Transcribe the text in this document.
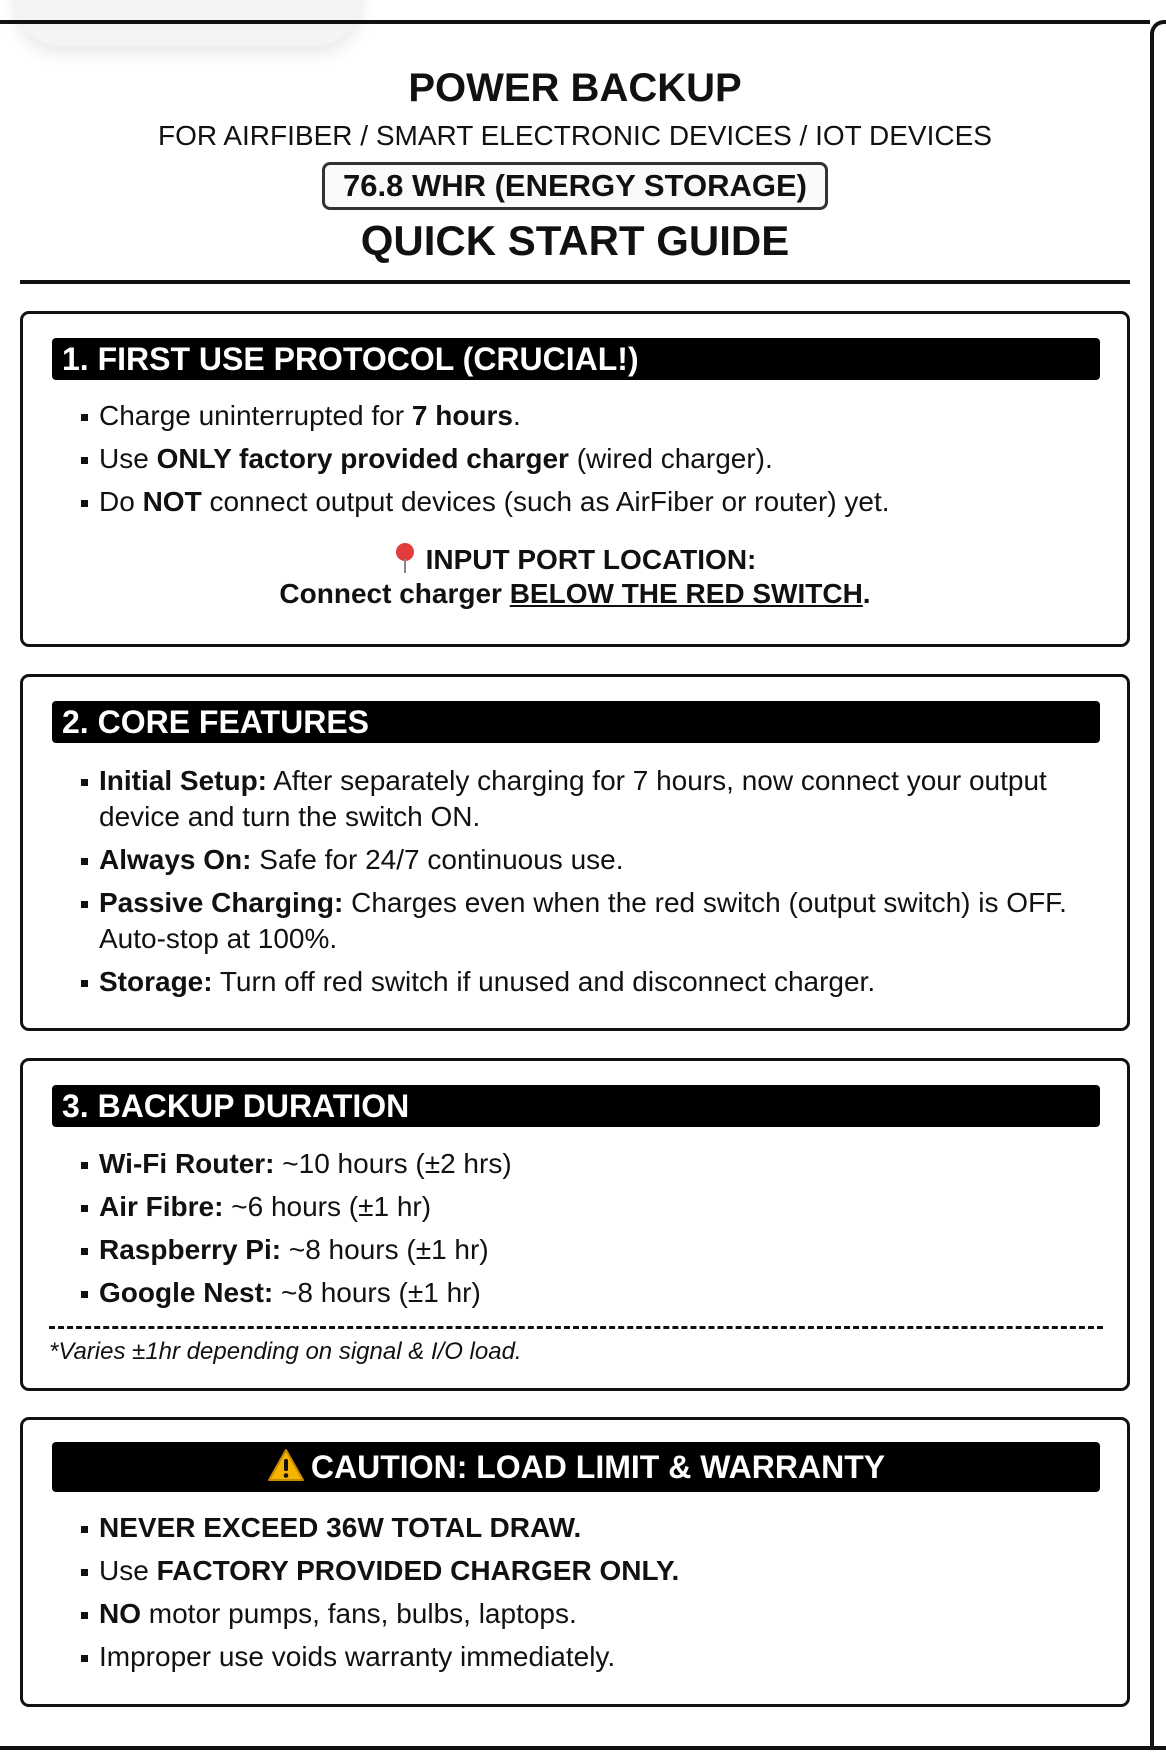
POWER BACKUP

FOR AIRFIBER / SMART ELECTRONIC DEVICES / IOT DEVICES

76.8 WHR (ENERGY STORAGE)
QUICK START GUIDE
1. FIRST USE PROTOCOL (CRUCIAL!)
Charge uninterrupted for 7 hours.
Use ONLY factory provided charger (wired charger).
Do NOT connect output devices (such as AirFiber or router) yet.
INPUT PORT LOCATION:
Connect charger BELOW THE RED SWITCH.
2. CORE FEATURES
Initial Setup: After separately charging for 7 hours, now connect your output device and turn the switch ON.
Always On: Safe for 24/7 continuous use.
Passive Charging: Charges even when the red switch (output switch) is OFF. Auto-stop at 100%.
Storage: Turn off red switch if unused and disconnect charger.
3. BACKUP DURATION
Wi-Fi Router: ~10 hours (±2 hrs)
Air Fibre: ~6 hours (±1 hr)
Raspberry Pi: ~8 hours (±1 hr)
Google Nest: ~8 hours (±1 hr)
*Varies ±1hr depending on signal & I/O load.
CAUTION: LOAD LIMIT & WARRANTY
NEVER EXCEED 36W TOTAL DRAW.
Use FACTORY PROVIDED CHARGER ONLY.
NO motor pumps, fans, bulbs, laptops.
Improper use voids warranty immediately.
